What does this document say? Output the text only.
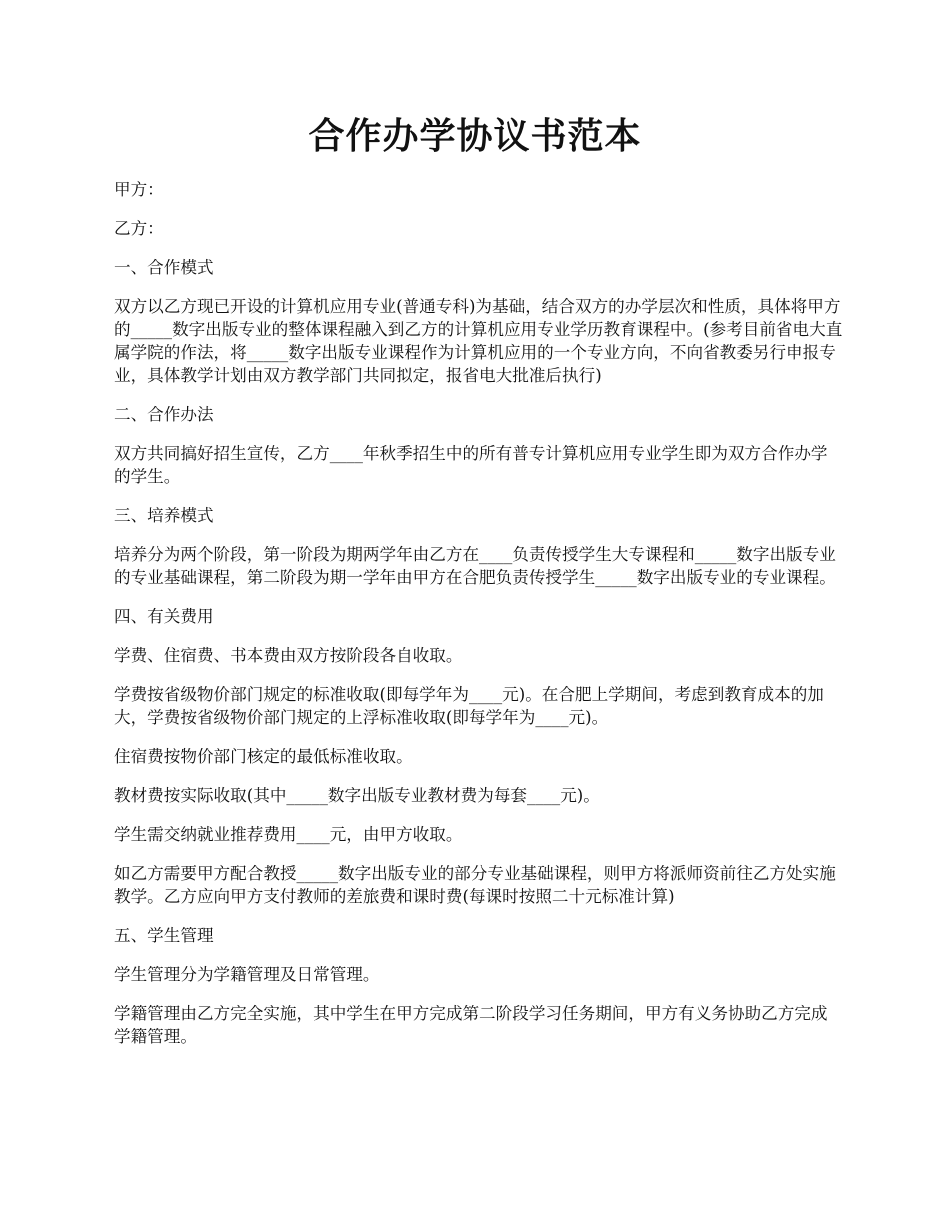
合作办学协议书范本

甲方：

乙方：

一、合作模式

双方以乙方现已开设的计算机应用专业(普通专科)为基础，结合双方的办学层次和性质，具体将甲方的_____数字出版专业的整体课程融入到乙方的计算机应用专业学历教育课程中。(参考目前省电大直属学院的作法，将_____数字出版专业课程作为计算机应用的一个专业方向，不向省教委另行申报专业，具体教学计划由双方教学部门共同拟定，报省电大批准后执行)

二、合作办法

双方共同搞好招生宣传，乙方____年秋季招生中的所有普专计算机应用专业学生即为双方合作办学的学生。

三、培养模式

培养分为两个阶段，第一阶段为期两学年由乙方在____负责传授学生大专课程和_____数字出版专业的专业基础课程，第二阶段为期一学年由甲方在合肥负责传授学生_____数字出版专业的专业课程。

四、有关费用

学费、住宿费、书本费由双方按阶段各自收取。

学费按省级物价部门规定的标准收取(即每学年为____元)。在合肥上学期间，考虑到教育成本的加大，学费按省级物价部门规定的上浮标准收取(即每学年为____元)。

住宿费按物价部门核定的最低标准收取。

教材费按实际收取(其中_____数字出版专业教材费为每套____元)。

学生需交纳就业推荐费用____元，由甲方收取。

如乙方需要甲方配合教授_____数字出版专业的部分专业基础课程，则甲方将派师资前往乙方处实施教学。乙方应向甲方支付教师的差旅费和课时费(每课时按照二十元标准计算)

五、学生管理

学生管理分为学籍管理及日常管理。

学籍管理由乙方完全实施，其中学生在甲方完成第二阶段学习任务期间，甲方有义务协助乙方完成学籍管理。
